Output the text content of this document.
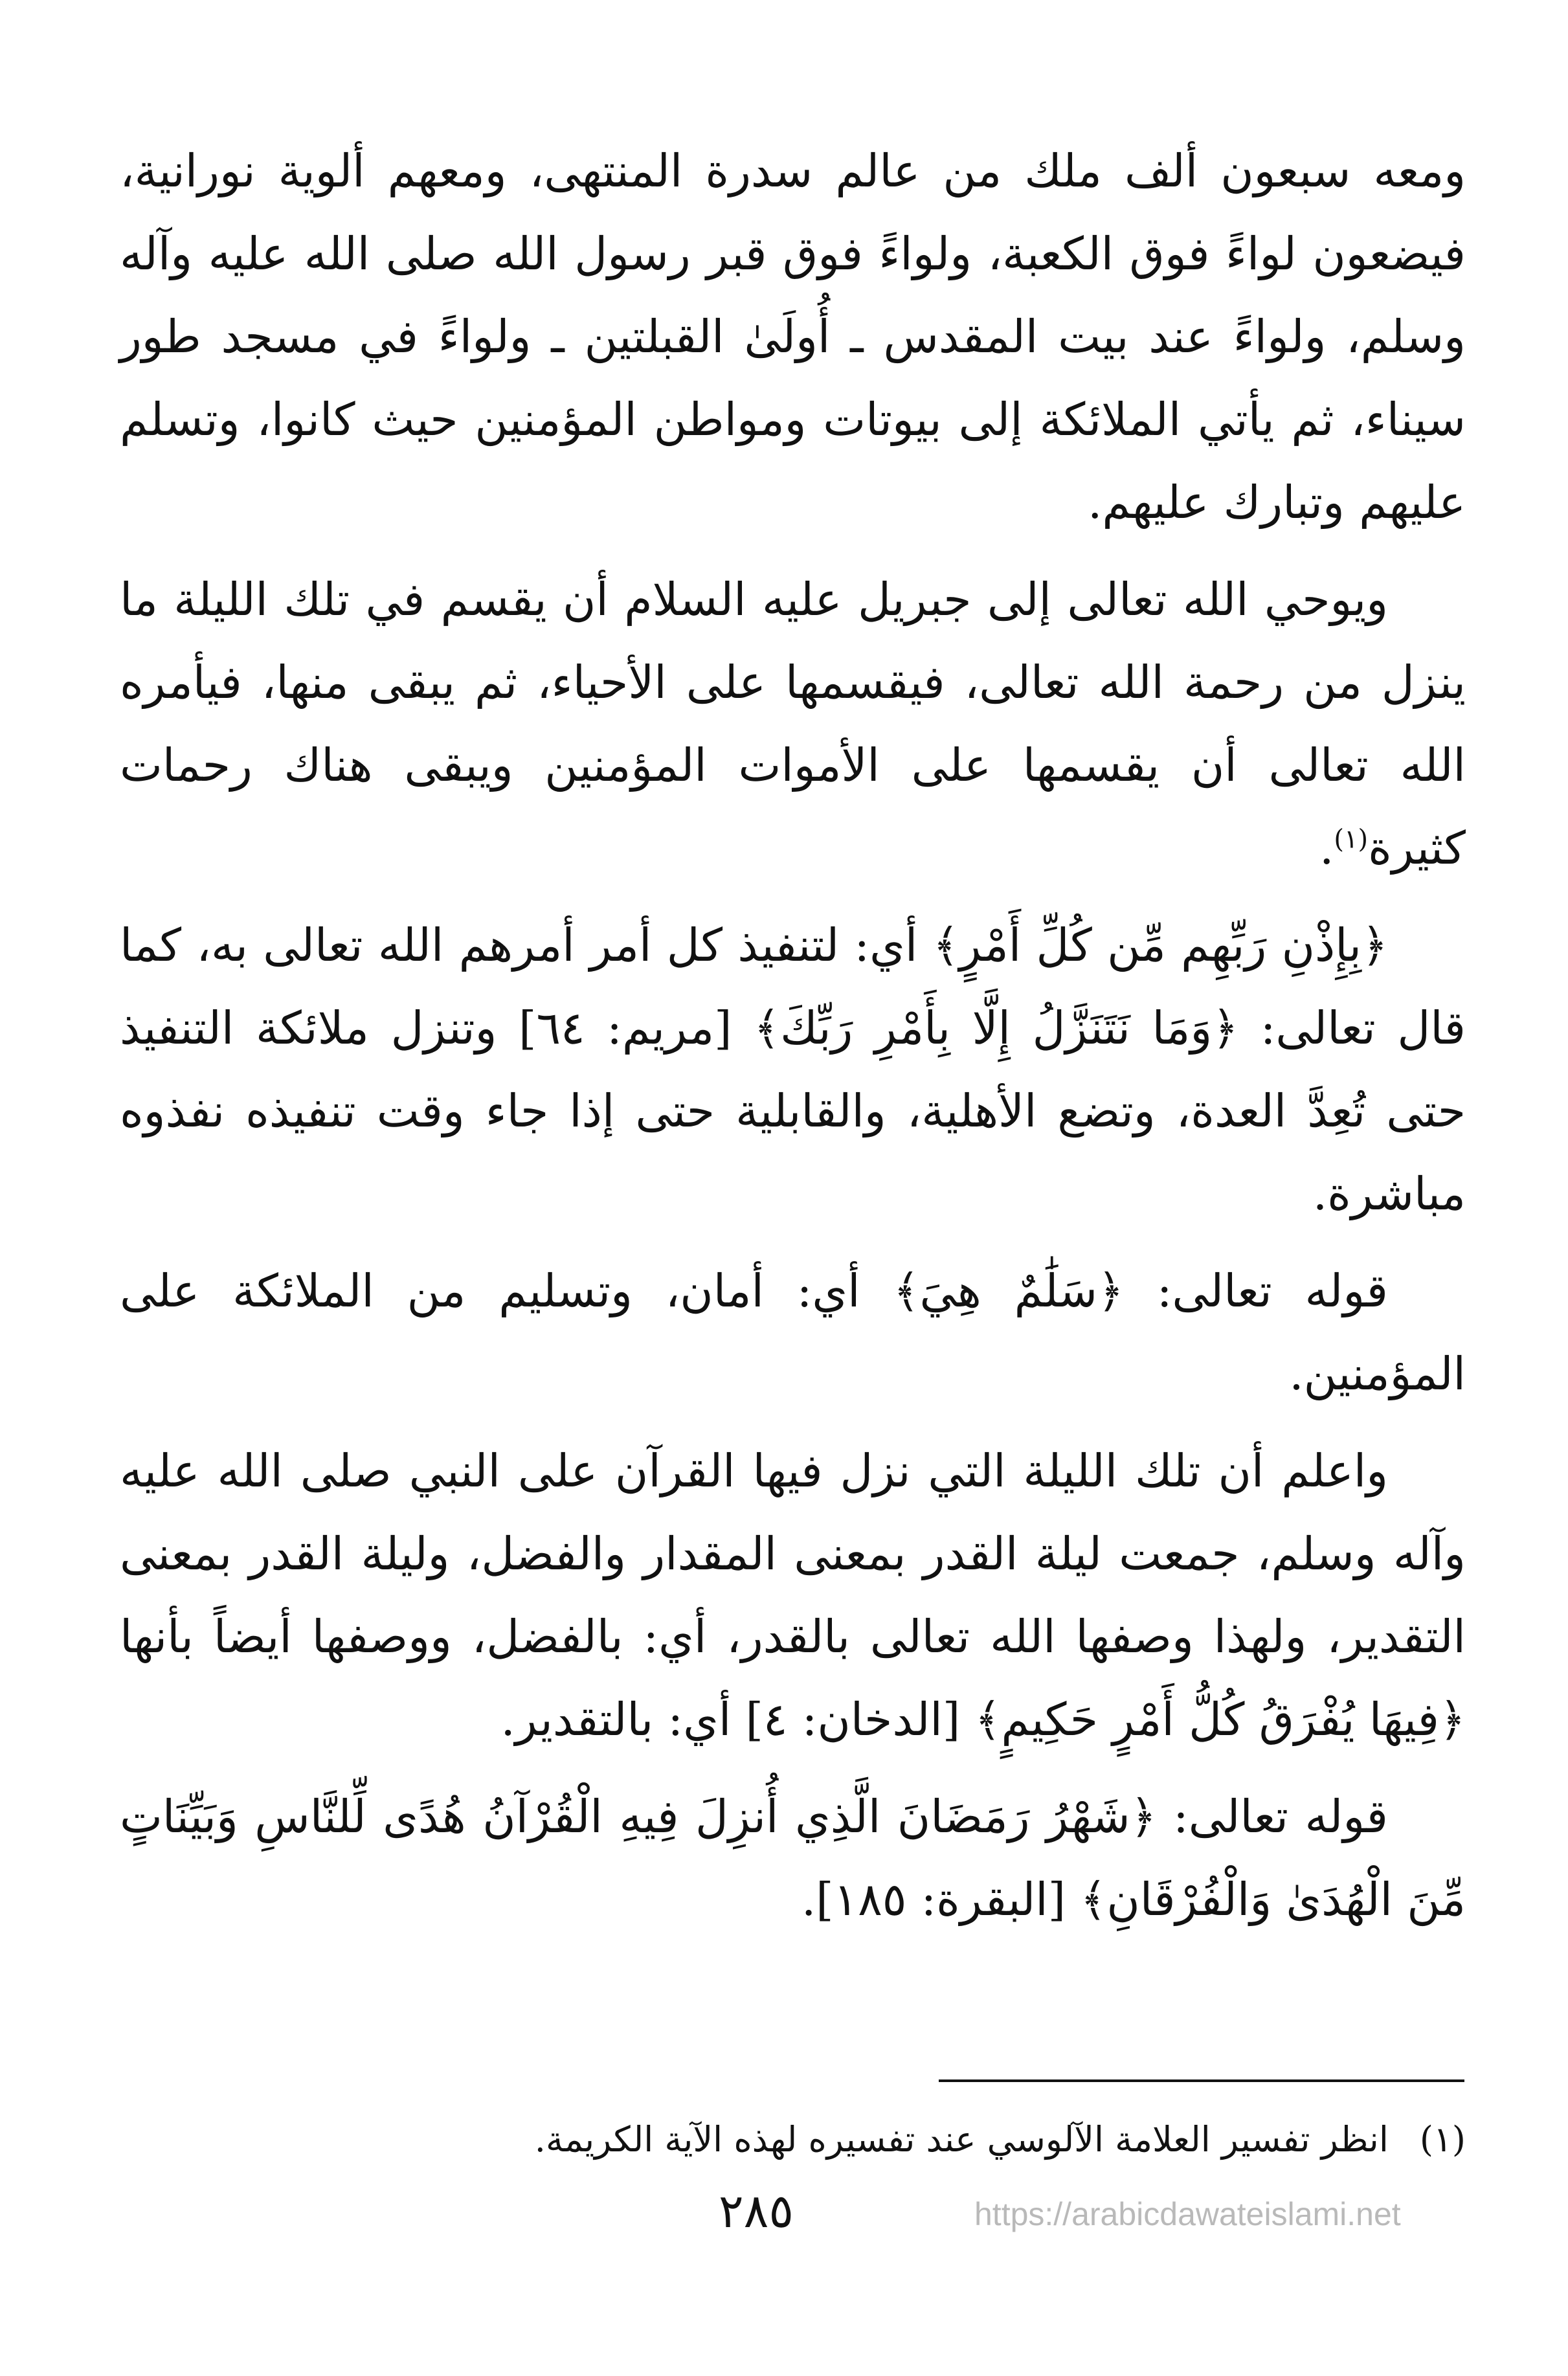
ومعه سبعون ألف ملك من عالم سدرة المنتهى، ومعهم ألوية نورانية، فيضعون لواءً فوق الكعبة، ولواءً فوق قبر رسول الله صلى الله عليه وآله وسلم، ولواءً عند بيت المقدس ـ أُولَىٰ القبلتين ـ ولواءً في مسجد طور سيناء، ثم يأتي الملائكة إلى بيوتات ومواطن المؤمنين حيث كانوا، وتسلم عليهم وتبارك عليهم.

ويوحي الله تعالى إلى جبريل عليه السلام أن يقسم في تلك الليلة ما ينزل من رحمة الله تعالى، فيقسمها على الأحياء، ثم يبقى منها، فيأمره الله تعالى أن يقسمها على الأموات المؤمنين ويبقى هناك رحمات كثيرة$^{(١)}$.

﴿بِإِذْنِ رَبِّهِم مِّن كُلِّ أَمْرٍ﴾ أي: لتنفيذ كل أمر أمرهم الله تعالى به، كما قال تعالى: ﴿وَمَا نَتَنَزَّلُ إِلَّا بِأَمْرِ رَبِّكَ﴾ [مريم: ٦٤] وتنزل ملائكة التنفيذ حتى تُعِدَّ العدة، وتضع الأهلية، والقابلية حتى إذا جاء وقت تنفيذه نفذوه مباشرة.

قوله تعالى: ﴿سَلَٰمٌ هِيَ﴾ أي: أمان، وتسليم من الملائكة على المؤمنين.

واعلم أن تلك الليلة التي نزل فيها القرآن على النبي صلى الله عليه وآله وسلم، جمعت ليلة القدر بمعنى المقدار والفضل، وليلة القدر بمعنى التقدير، ولهذا وصفها الله تعالى بالقدر، أي: بالفضل، ووصفها أيضاً بأنها ﴿فِيهَا يُفْرَقُ كُلُّ أَمْرٍ حَكِيمٍ﴾ [الدخان: ٤] أي: بالتقدير.

قوله تعالى: ﴿شَهْرُ رَمَضَانَ الَّذِي أُنزِلَ فِيهِ الْقُرْآنُ هُدًى لِّلنَّاسِ وَبَيِّنَاتٍ مِّنَ الْهُدَىٰ وَالْفُرْقَانِ﴾ [البقرة: ١٨٥].

(١)انظر تفسير العلامة الآلوسي عند تفسيره لهذه الآية الكريمة.
٢٨٥	https://arabicdawateislami.net
